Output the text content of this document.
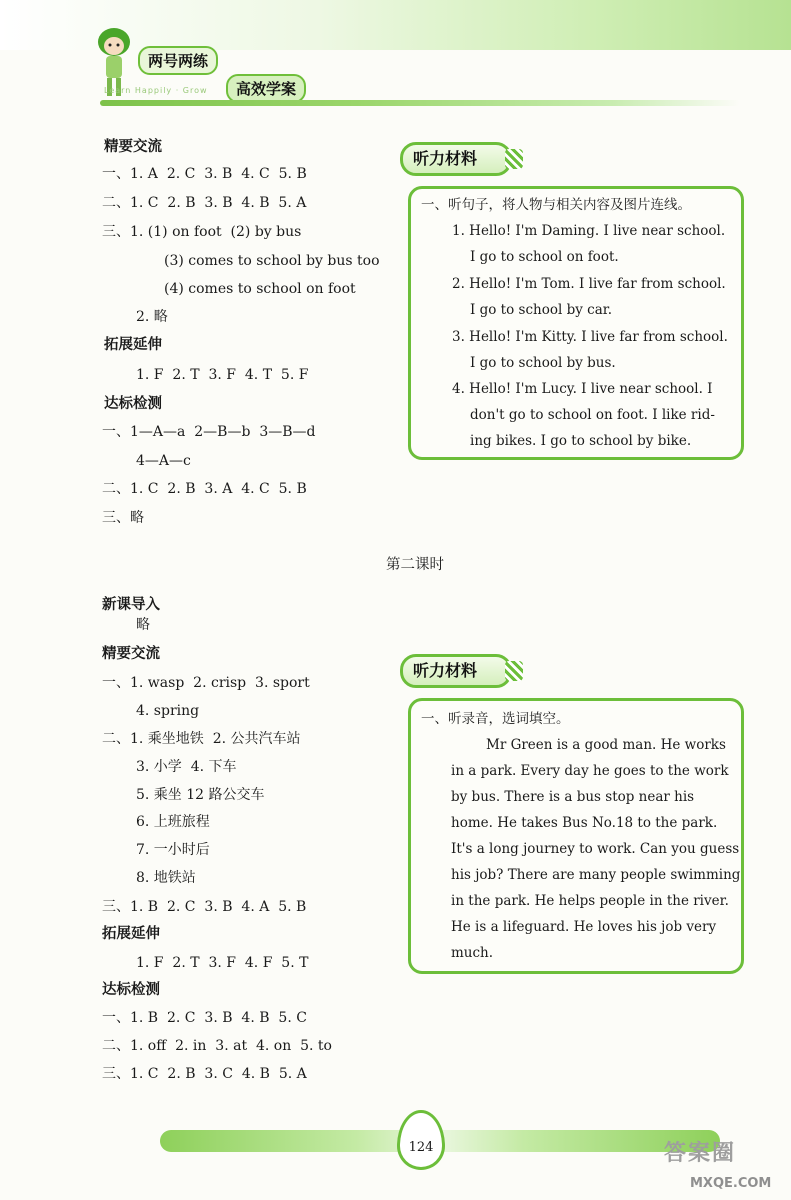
两号两练
高效学案
Learn Happily · Grow
精要交流
一、1. A  2. C  3. B  4. C  5. B
二、1. C  2. B  3. B  4. B  5. A
三、1. (1) on foot  (2) by bus
(3) comes to school by bus too
(4) comes to school on foot
2. 略
拓展延伸
1. F  2. T  3. F  4. T  5. F
达标检测
一、1—A—a  2—B—b  3—B—d
4—A—c
二、1. C  2. B  3. A  4. C  5. B
三、略
听力材料
一、听句子，将人物与相关内容及图片连线。
1. Hello! I'm Daming. I live near school.
I go to school on foot.
2. Hello! I'm Tom. I live far from school.
I go to school by car.
3. Hello! I'm Kitty. I live far from school.
I go to school by bus.
4. Hello! I'm Lucy. I live near school. I
don't go to school on foot. I like rid-
ing bikes. I go to school by bike.
第二课时
新课导入
略
精要交流
一、1. wasp  2. crisp  3. sport
4. spring
二、1. 乘坐地铁  2. 公共汽车站
3. 小学  4. 下车
5. 乘坐 12 路公交车
6. 上班旅程
7. 一小时后
8. 地铁站
三、1. B  2. C  3. B  4. A  5. B
拓展延伸
1. F  2. T  3. F  4. F  5. T
达标检测
一、1. B  2. C  3. B  4. B  5. C
二、1. off  2. in  3. at  4. on  5. to
三、1. C  2. B  3. C  4. B  5. A
听力材料
一、听录音，选词填空。
Mr Green is a good man. He works
in a park. Every day he goes to the work
by bus. There is a bus stop near his
home. He takes Bus No.18 to the park.
It's a long journey to work. Can you guess
his job? There are many people swimming
in the park. He helps people in the river.
He is a lifeguard. He loves his job very
much.
124	答案圈
MXQE.COM
